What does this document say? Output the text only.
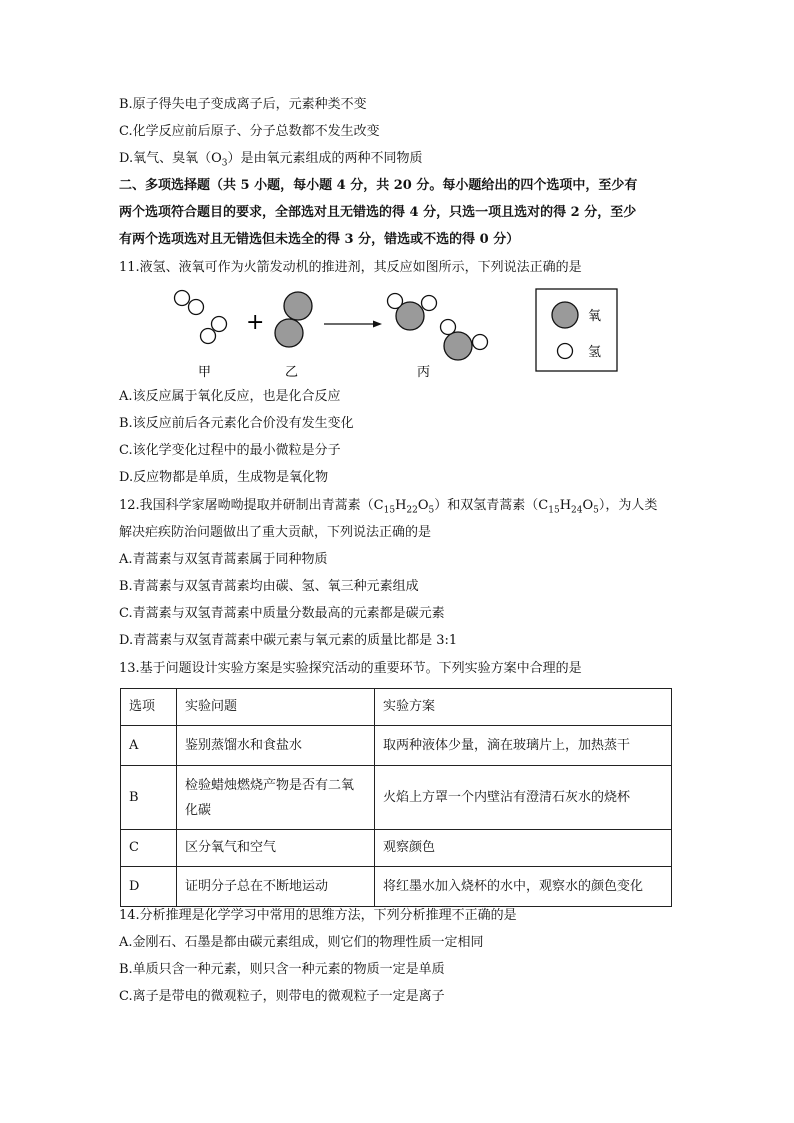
B.原子得失电子变成离子后，元素种类不变
C.化学反应前后原子、分子总数都不发生改变
D.氧气、臭氧$(O_3)$是由氧元素组成的两种不同物质
二、多项选择题（共 5 小题，每小题 4 分，共 20 分。每小题给出的四个选项中，至少有
两个选项符合题目的要求，全部选对且无错选的得 4 分，只选一项且选对的得 2 分，至少
有两个选项选对且无错选但未选全的得 3 分，错选或不选的得 0 分）
11.液氢、液氧可作为火箭发动机的推进剂，其反应如图所示，下列说法正确的是
+
甲	乙	丙
氧
氢
A.该反应属于氧化反应，也是化合反应
B.该反应前后各元素化合价没有发生变化
C.该化学变化过程中的最小微粒是分子
D.反应物都是单质，生成物是氧化物
12.我国科学家屠呦呦提取并研制出青蒿素$(C_{15}H_{22}O_5)$和双氢青蒿素$(C_{15}H_{24}O_5)$，为人类
解决疟疾防治问题做出了重大贡献，下列说法正确的是
A.青蒿素与双氢青蒿素属于同种物质
B.青蒿素与双氢青蒿素均由碳、氢、氧三种元素组成
C.青蒿素与双氢青蒿素中质量分数最高的元素都是碳元素
D.青蒿素与双氢青蒿素中碳元素与氧元素的质量比都是 3:1
13.基于问题设计实验方案是实验探究活动的重要环节。下列实验方案中合理的是
选项	实验问题	实验方案
A	鉴别蒸馏水和食盐水	取两种液体少量，滴在玻璃片上，加热蒸干
B	检验蜡烛燃烧产物是否有二氧化碳	火焰上方罩一个内壁沾有澄清石灰水的烧杯
C	区分氧气和空气	观察颜色
D	证明分子总在不断地运动	将红墨水加入烧杯的水中，观察水的颜色变化
14.分析推理是化学学习中常用的思维方法，下列分析推理不正确的是
A.金刚石、石墨是都由碳元素组成，则它们的物理性质一定相同
B.单质只含一种元素，则只含一种元素的物质一定是单质
C.离子是带电的微观粒子，则带电的微观粒子一定是离子
